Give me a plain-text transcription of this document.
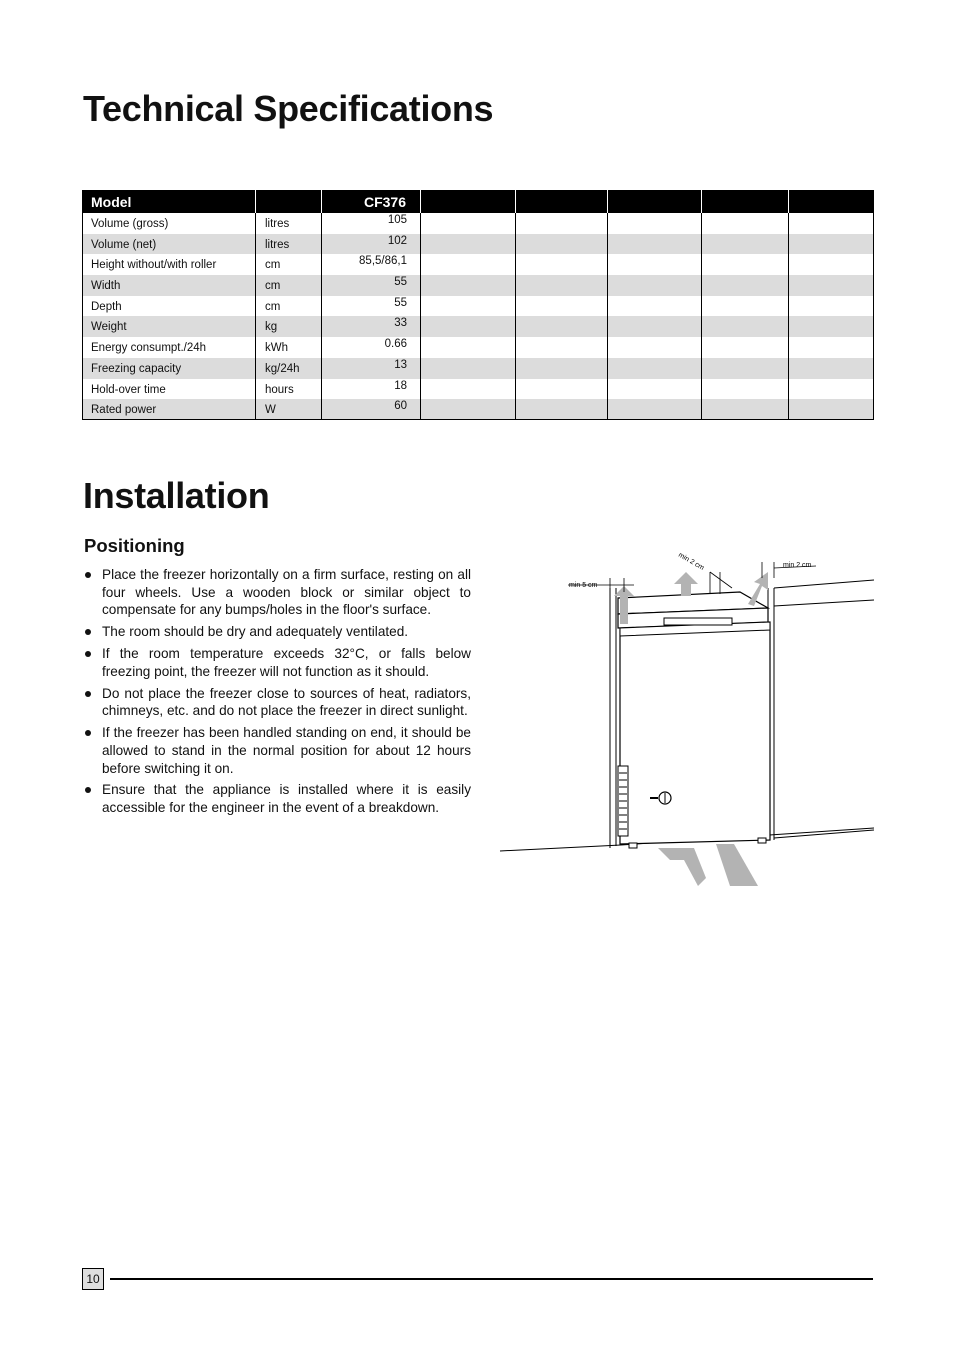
Technical Specifications
Model		CF376					
Volume (gross)	litres	105					
Volume (net)	litres	102					
Height without/with roller	cm	85,5/86,1					
Width	cm	55					
Depth	cm	55					
Weight	kg	33					
Energy consumpt./24h	kWh	0.66					
Freezing capacity	kg/24h	13					
Hold-over time	hours	18					
Rated power	W	60					
Installation
Positioning
Place the freezer horizontally on a firm surface, resting on all four wheels. Use a wooden block or similar object to compensate for any bumps/holes in the floor's surface.
The room should be dry and adequately ventilated.
If the room temperature exceeds 32°C, or falls below freezing point, the freezer will not function as it should.
Do not place the freezer close to sources of heat, radiators, chimneys, etc. and do not place the freezer in direct sunlight.
If the freezer has been handled standing on end, it should be allowed to stand in the normal position for about 12 hours before switching it on.
Ensure that the appliance is installed where it is easily accessible for the engineer in the event of a breakdown.
min 5 cm
min 2 cm
min 2 cm
10
